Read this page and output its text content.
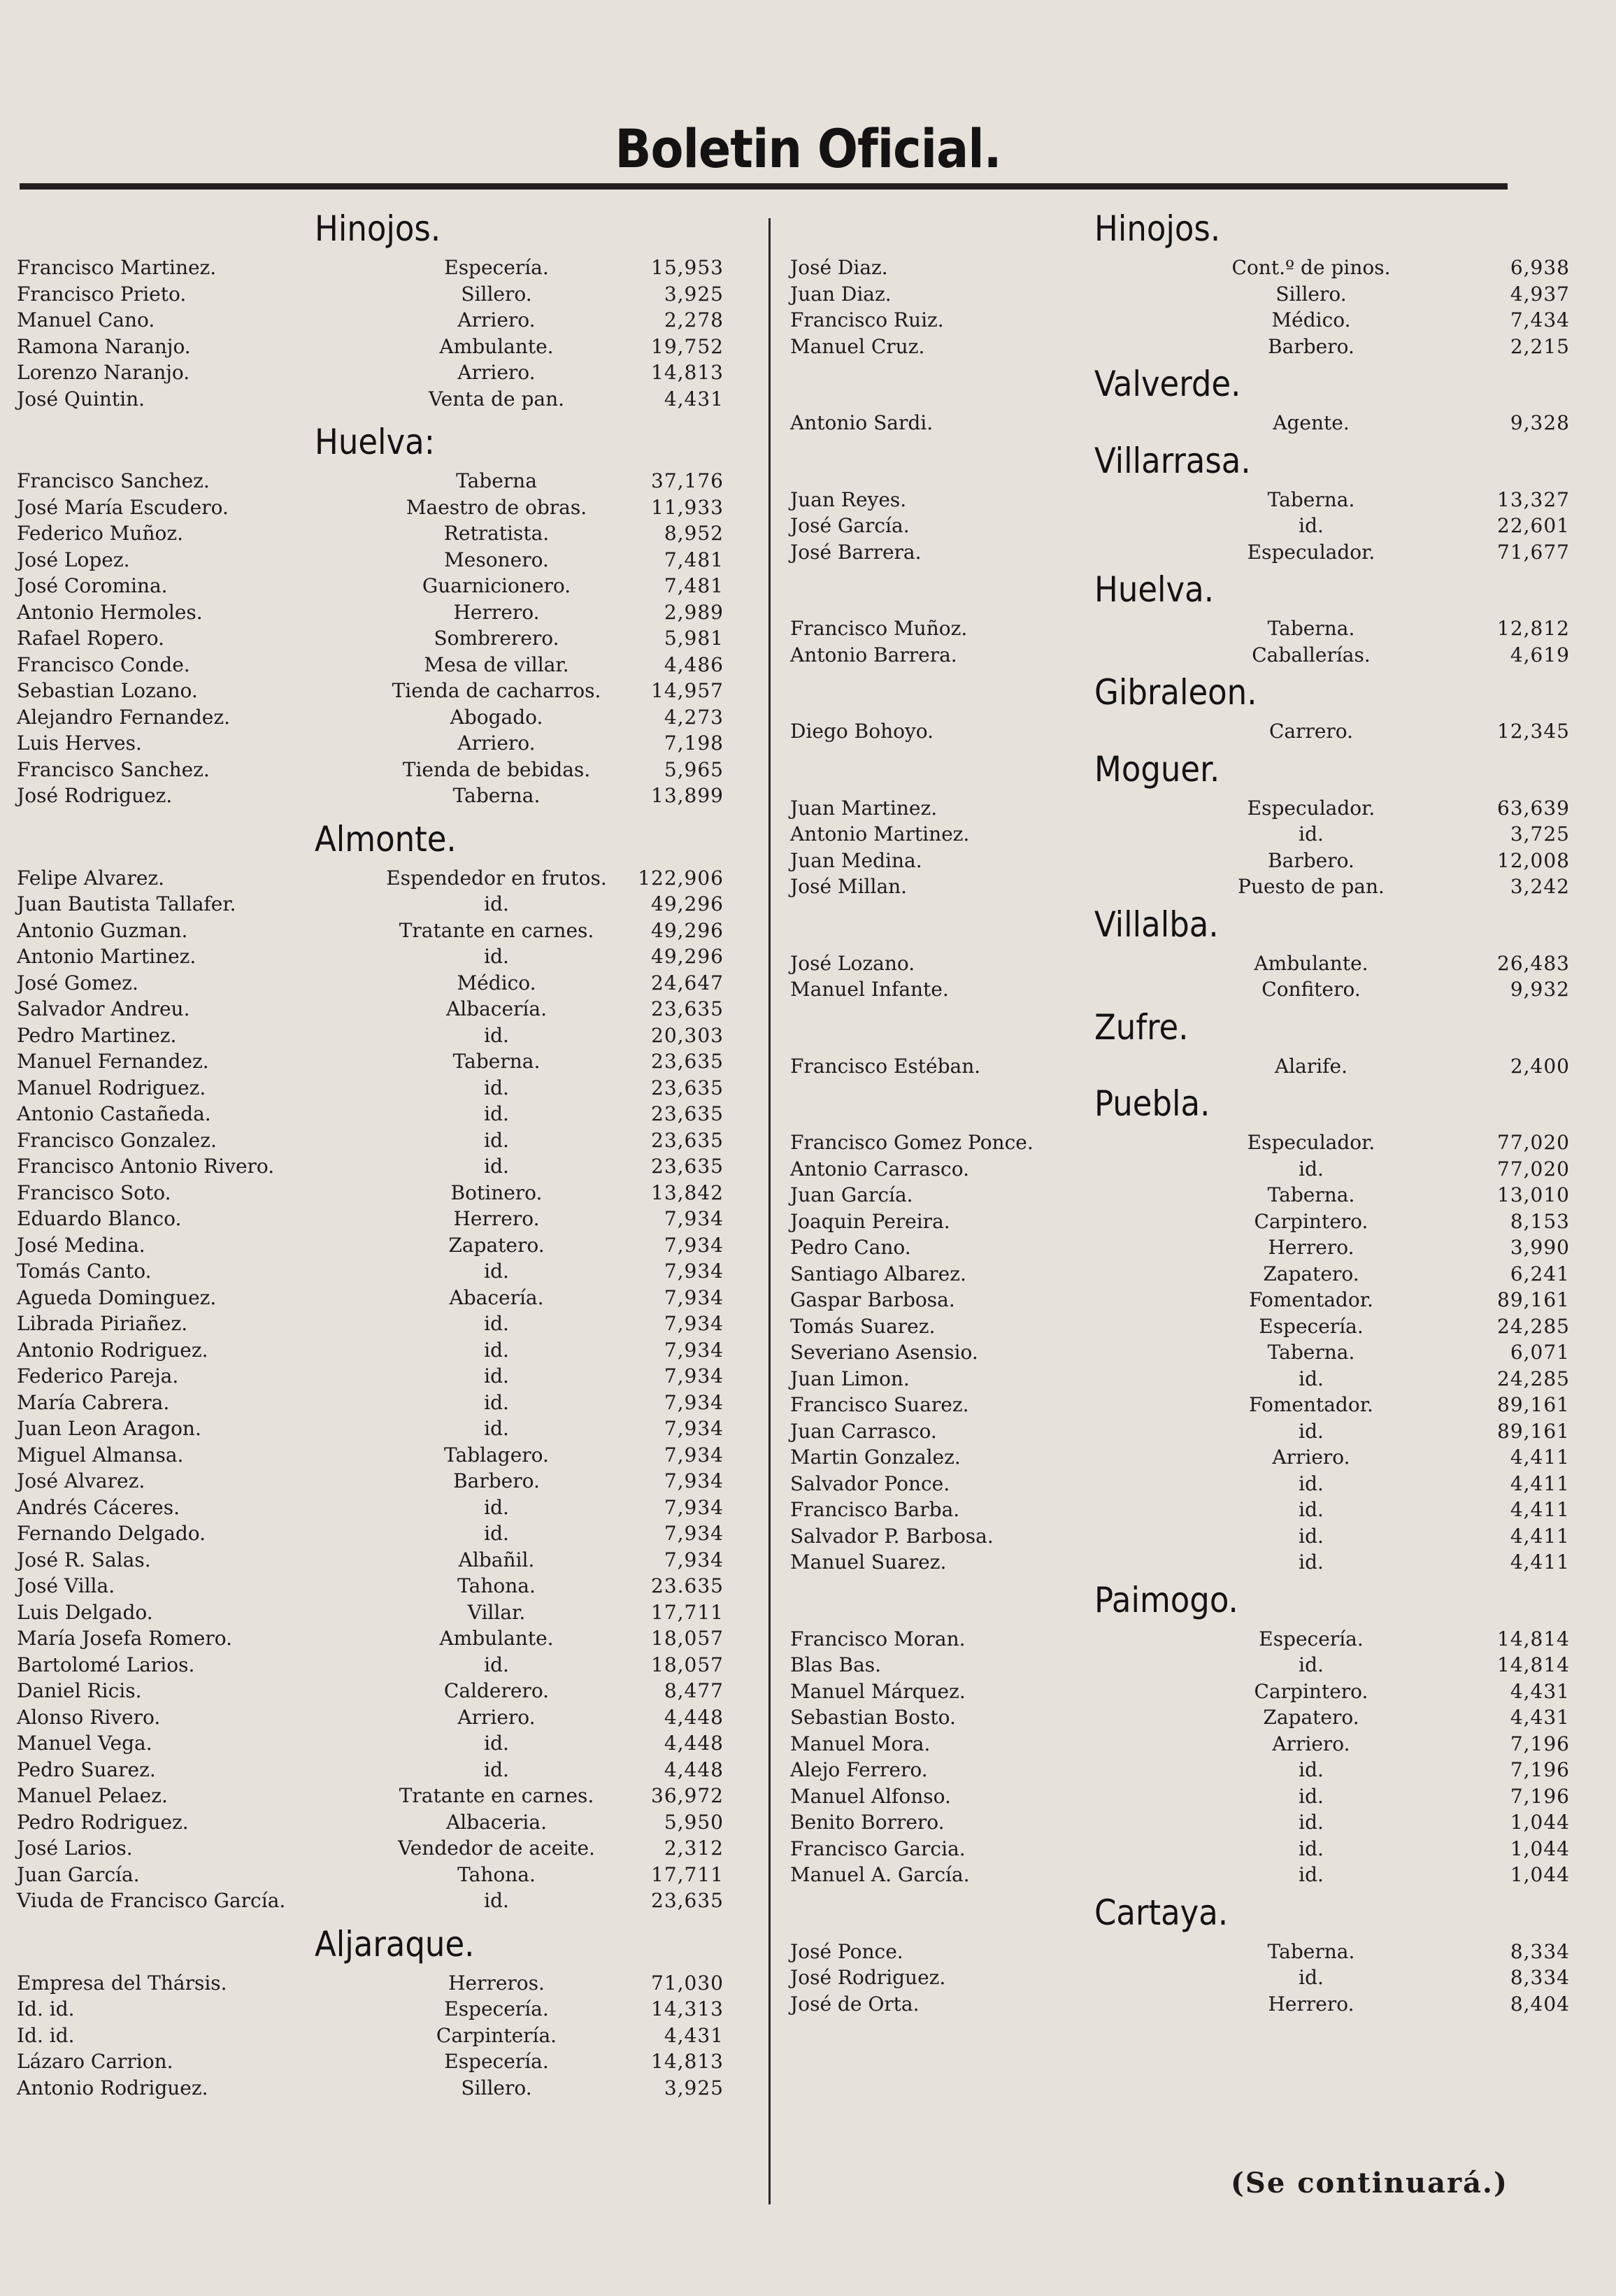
Boletin Oficial.
Hinojos.
Francisco Martinez.	Especería.	15,953
Francisco Prieto.	Sillero.	3,925
Manuel Cano.	Arriero.	2,278
Ramona Naranjo.	Ambulante.	19,752
Lorenzo Naranjo.	Arriero.	14,813
José Quintin.	Venta de pan.	4,431
Huelva:
Francisco Sanchez.	Taberna	37,176
José María Escudero.	Maestro de obras.	11,933
Federico Muñoz.	Retratista.	8,952
José Lopez.	Mesonero.	7,481
José Coromina.	Guarnicionero.	7,481
Antonio Hermoles.	Herrero.	2,989
Rafael Ropero.	Sombrerero.	5,981
Francisco Conde.	Mesa de villar.	4,486
Sebastian Lozano.	Tienda de cacharros.	14,957
Alejandro Fernandez.	Abogado.	4,273
Luis Herves.	Arriero.	7,198
Francisco Sanchez.	Tienda de bebidas.	5,965
José Rodriguez.	Taberna.	13,899
Almonte.
Felipe Alvarez.	Espendedor en frutos.	122,906
Juan Bautista Tallafer.	id.	49,296
Antonio Guzman.	Tratante en carnes.	49,296
Antonio Martinez.	id.	49,296
José Gomez.	Médico.	24,647
Salvador Andreu.	Albacería.	23,635
Pedro Martinez.	id.	20,303
Manuel Fernandez.	Taberna.	23,635
Manuel Rodriguez.	id.	23,635
Antonio Castañeda.	id.	23,635
Francisco Gonzalez.	id.	23,635
Francisco Antonio Rivero.	id.	23,635
Francisco Soto.	Botinero.	13,842
Eduardo Blanco.	Herrero.	7,934
José Medina.	Zapatero.	7,934
Tomás Canto.	id.	7,934
Agueda Dominguez.	Abacería.	7,934
Librada Piriañez.	id.	7,934
Antonio Rodriguez.	id.	7,934
Federico Pareja.	id.	7,934
María Cabrera.	id.	7,934
Juan Leon Aragon.	id.	7,934
Miguel Almansa.	Tablagero.	7,934
José Alvarez.	Barbero.	7,934
Andrés Cáceres.	id.	7,934
Fernando Delgado.	id.	7,934
José R. Salas.	Albañil.	7,934
José Villa.	Tahona.	23.635
Luis Delgado.	Villar.	17,711
María Josefa Romero.	Ambulante.	18,057
Bartolomé Larios.	id.	18,057
Daniel Ricis.	Calderero.	8,477
Alonso Rivero.	Arriero.	4,448
Manuel Vega.	id.	4,448
Pedro Suarez.	id.	4,448
Manuel Pelaez.	Tratante en carnes.	36,972
Pedro Rodriguez.	Albaceria.	5,950
José Larios.	Vendedor de aceite.	2,312
Juan García.	Tahona.	17,711
Viuda de Francisco García.	id.	23,635
Aljaraque.
Empresa del Thársis.	Herreros.	71,030
Id. id.	Especería.	14,313
Id. id.	Carpintería.	4,431
Lázaro Carrion.	Especería.	14,813
Antonio Rodriguez.	Sillero.	3,925
Hinojos.
José Diaz.	Cont.º de pinos.	6,938
Juan Diaz.	Sillero.	4,937
Francisco Ruiz.	Médico.	7,434
Manuel Cruz.	Barbero.	2,215
Valverde.
Antonio Sardi.	Agente.	9,328
Villarrasa.
Juan Reyes.	Taberna.	13,327
José García.	id.	22,601
José Barrera.	Especulador.	71,677
Huelva.
Francisco Muñoz.	Taberna.	12,812
Antonio Barrera.	Caballerías.	4,619
Gibraleon.
Diego Bohoyo.	Carrero.	12,345
Moguer.
Juan Martinez.	Especulador.	63,639
Antonio Martinez.	id.	3,725
Juan Medina.	Barbero.	12,008
José Millan.	Puesto de pan.	3,242
Villalba.
José Lozano.	Ambulante.	26,483
Manuel Infante.	Confitero.	9,932
Zufre.
Francisco Estéban.	Alarife.	2,400
Puebla.
Francisco Gomez Ponce.	Especulador.	77,020
Antonio Carrasco.	id.	77,020
Juan García.	Taberna.	13,010
Joaquin Pereira.	Carpintero.	8,153
Pedro Cano.	Herrero.	3,990
Santiago Albarez.	Zapatero.	6,241
Gaspar Barbosa.	Fomentador.	89,161
Tomás Suarez.	Especería.	24,285
Severiano Asensio.	Taberna.	6,071
Juan Limon.	id.	24,285
Francisco Suarez.	Fomentador.	89,161
Juan Carrasco.	id.	89,161
Martin Gonzalez.	Arriero.	4,411
Salvador Ponce.	id.	4,411
Francisco Barba.	id.	4,411
Salvador P. Barbosa.	id.	4,411
Manuel Suarez.	id.	4,411
Paimogo.
Francisco Moran.	Especería.	14,814
Blas Bas.	id.	14,814
Manuel Márquez.	Carpintero.	4,431
Sebastian Bosto.	Zapatero.	4,431
Manuel Mora.	Arriero.	7,196
Alejo Ferrero.	id.	7,196
Manuel Alfonso.	id.	7,196
Benito Borrero.	id.	1,044
Francisco Garcia.	id.	1,044
Manuel A. García.	id.	1,044
Cartaya.
José Ponce.	Taberna.	8,334
José Rodriguez.	id.	8,334
José de Orta.	Herrero.	8,404
(Se continuará.)
